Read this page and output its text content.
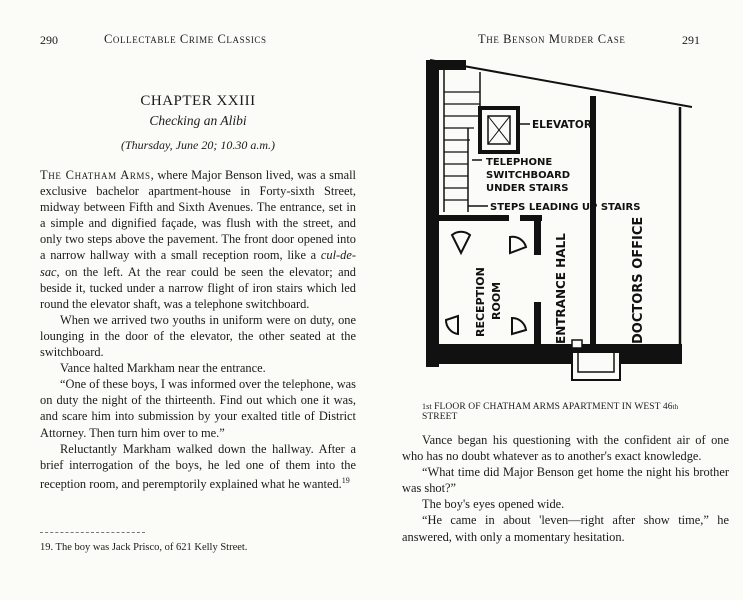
290	Collectable Crime Classics
CHAPTER XXIII
Checking an Alibi
(Thursday, June 20; 10.30 a.m.)

The Chatham Arms, where Major Benson lived, was a small exclusive bachelor apartment-house in Forty-sixth Street, midway between Fifth and Sixth Avenues. The entrance, set in a simple and dignified façade, was flush with the street, and only two steps above the pavement. The front door opened into a narrow hallway with a small reception room, like a cul-de-sac, on the left. At the rear could be seen the elevator; and beside it, tucked under a narrow flight of iron stairs which led round the elevator shaft, was a telephone switchboard.

When we arrived two youths in uniform were on duty, one lounging in the door of the elevator, the other seated at the switchboard.

Vance halted Markham near the entrance.

“One of these boys, I was informed over the telephone, was on duty the night of the thirteenth. Find out which one it was, and scare him into submission by your exalted title of District Attorney. Then turn him over to me.”

Reluctantly Markham walked down the hallway. After a brief interrogation of the boys, he led one of them into the reception room, and peremptorily explained what he wanted.$^{19}$

19. The boy was Jack Prisco, of 621 Kelly Street.
The Benson Murder Case	291
ELEVATOR
TELEPHONE
SWITCHBOARD
UNDER STAIRS
STEPS LEADING UP STAIRS
RECEPTION ROOM	ENTRANCE HALL	DOCTORS OFFICE
1st FLOOR OF CHATHAM ARMS APARTMENT IN WEST 46th STREET

Vance began his questioning with the confident air of one who has no doubt whatever as to another's exact knowledge.

“What time did Major Benson get home the night his brother was shot?”

The boy's eyes opened wide.

“He came in about 'leven—right after show time,” he answered, with only a momentary hesitation.
